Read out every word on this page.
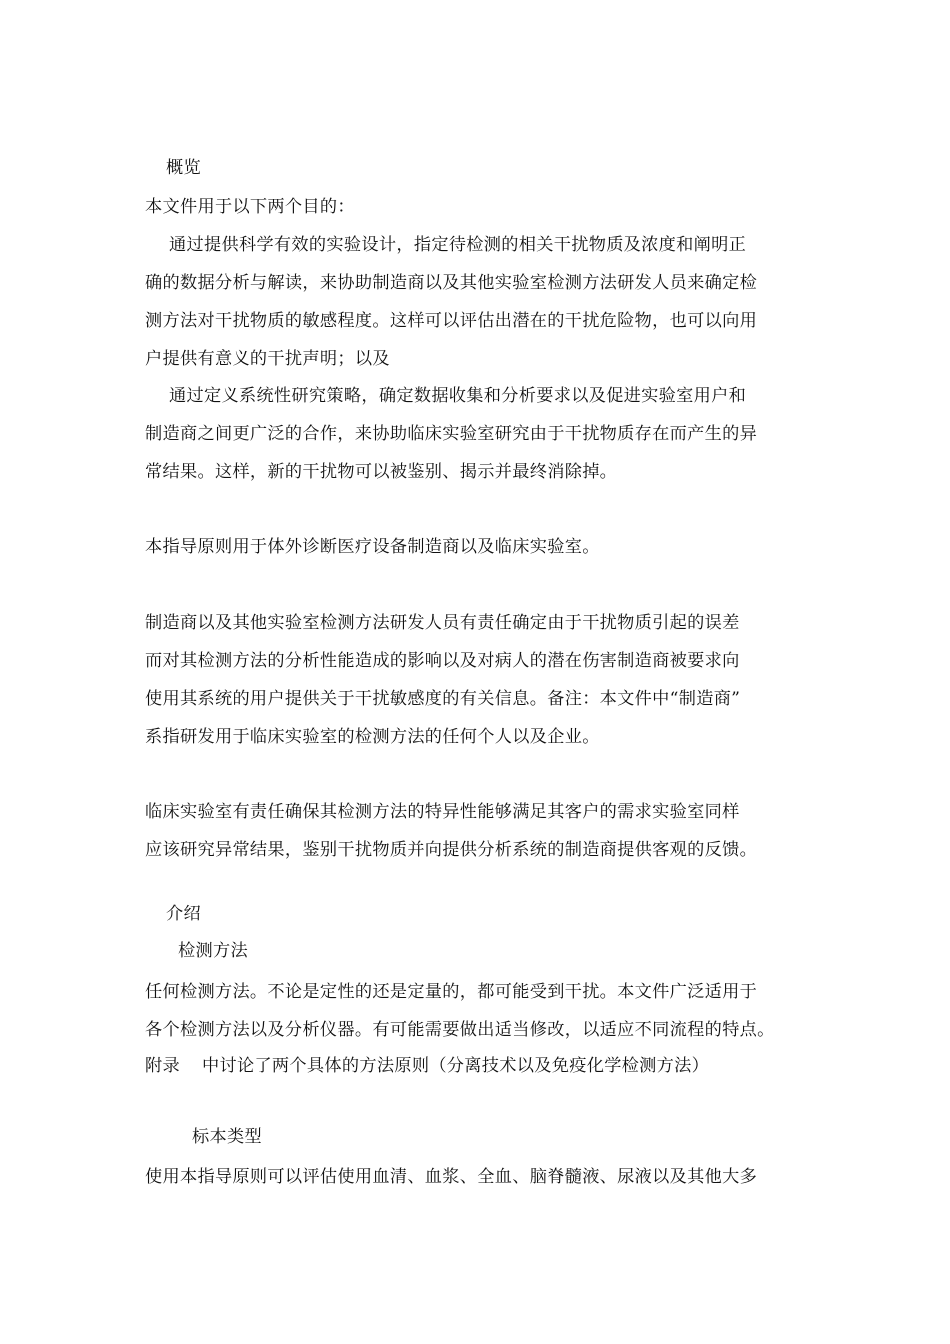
概览
本文件用于以下两个目的：
通过提供科学有效的实验设计，指定待检测的相关干扰物质及浓度和阐明正
确的数据分析与解读，来协助制造商以及其他实验室检测方法研发人员来确定检
测方法对干扰物质的敏感程度。这样可以评估出潜在的干扰危险物，也可以向用
户提供有意义的干扰声明；以及
通过定义系统性研究策略，确定数据收集和分析要求以及促进实验室用户和
制造商之间更广泛的合作，来协助临床实验室研究由于干扰物质存在而产生的异
常结果。这样，新的干扰物可以被鉴别、揭示并最终消除掉。
本指导原则用于体外诊断医疗设备制造商以及临床实验室。
制造商以及其他实验室检测方法研发人员有责任确定由于干扰物质引起的误差
而对其检测方法的分析性能造成的影响以及对病人的潜在伤害制造商被要求向
使用其系统的用户提供关于干扰敏感度的有关信息。备注：本文件中“制造商”
系指研发用于临床实验室的检测方法的任何个人以及企业。
临床实验室有责任确保其检测方法的特异性能够满足其客户的需求实验室同样
应该研究异常结果，鉴别干扰物质并向提供分析系统的制造商提供客观的反馈。
介绍
检测方法
任何检测方法。不论是定性的还是定量的，都可能受到干扰。本文件广泛适用于
各个检测方法以及分析仪器。有可能需要做出适当修改，以适应不同流程的特点。
附录 中讨论了两个具体的方法原则（分离技术以及免疫化学检测方法）
标本类型
使用本指导原则可以评估使用血清、血浆、全血、脑脊髓液、尿液以及其他大多
